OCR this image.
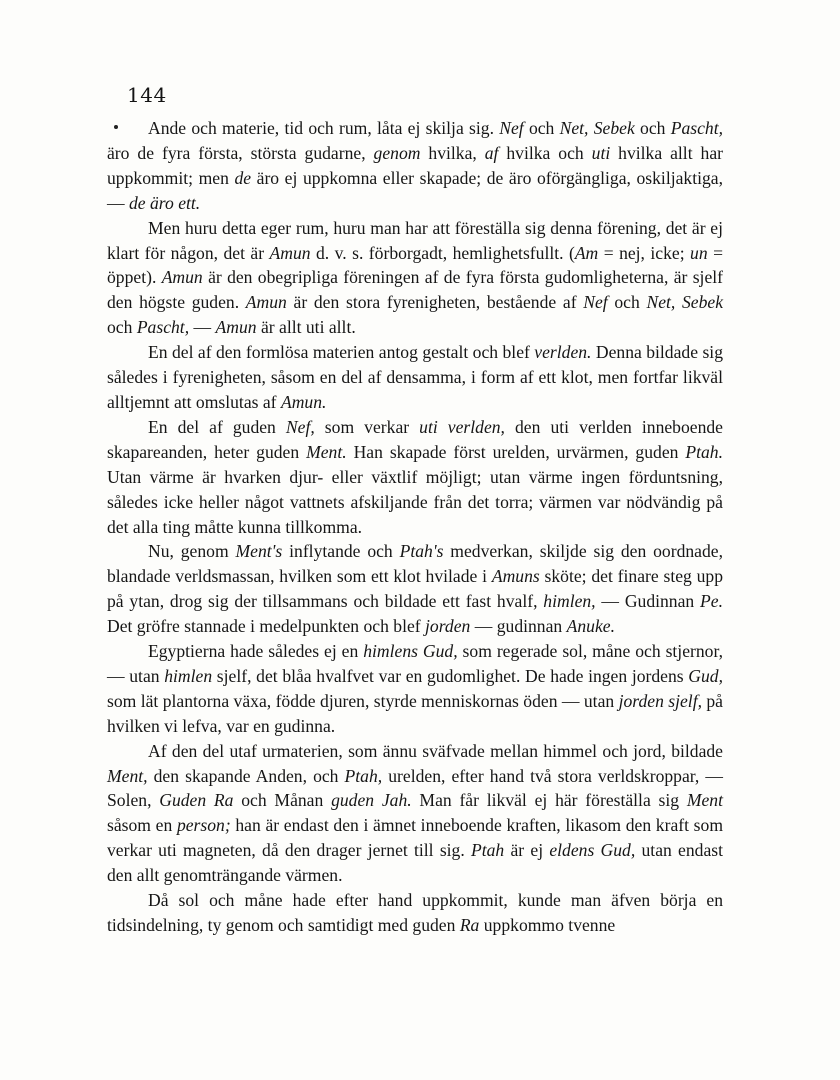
144

Ande och materie, tid och rum, låta ej skilja sig. Nef och Net, Sebek och Pascht, äro de fyra första, största gudarne, genom hvilka, af hvilka och uti hvilka allt har uppkommit; men de äro ej uppkomna eller skapade; de äro oförgängliga, oskiljaktiga, — de äro ett.

Men huru detta eger rum, huru man har att föreställa sig denna förening, det är ej klart för någon, det är Amun d. v. s. förborgadt, hemlighetsfullt. (Am = nej, icke; un = öppet). Amun är den obegripliga föreningen af de fyra första gudomligheterna, är sjelf den högste guden. Amun är den stora fyrenigheten, bestående af Nef och Net, Sebek och Pascht, — Amun är allt uti allt.

En del af den formlösa materien antog gestalt och blef verlden. Denna bildade sig således i fyrenigheten, såsom en del af densamma, i form af ett klot, men fortfar likväl alltjemnt att omslutas af Amun.

En del af guden Nef, som verkar uti verlden, den uti verlden inneboende skapareanden, heter guden Ment. Han skapade först urelden, urvärmen, guden Ptah. Utan värme är hvarken djur- eller växtlif möjligt; utan värme ingen förduntsning, således icke heller något vattnets afskiljande från det torra; värmen var nödvändig på det alla ting måtte kunna tillkomma.

Nu, genom Ment's inflytande och Ptah's medverkan, skiljde sig den oordnade, blandade verldsmassan, hvilken som ett klot hvilade i Amuns sköte; det finare steg upp på ytan, drog sig der tillsammans och bildade ett fast hvalf, himlen, — Gudinnan Pe. Det gröfre stannade i medelpunkten och blef jorden — gudinnan Anuke.

Egyptierna hade således ej en himlens Gud, som regerade sol, måne och stjernor, — utan himlen sjelf, det blåa hvalfvet var en gudomlighet. De hade ingen jordens Gud, som lät plantorna växa, födde djuren, styrde menniskornas öden — utan jorden sjelf, på hvilken vi lefva, var en gudinna.

Af den del utaf urmaterien, som ännu sväfvade mellan himmel och jord, bildade Ment, den skapande Anden, och Ptah, urelden, efter hand två stora verldskroppar, — Solen, Guden Ra och Månan guden Jah. Man får likväl ej här föreställa sig Ment såsom en person; han är endast den i ämnet inneboende kraften, likasom den kraft som verkar uti magneten, då den drager jernet till sig. Ptah är ej eldens Gud, utan endast den allt genomträngande värmen.

Då sol och måne hade efter hand uppkommit, kunde man äfven börja en tidsindelning, ty genom och samtidigt med guden Ra uppkommo tvenne
